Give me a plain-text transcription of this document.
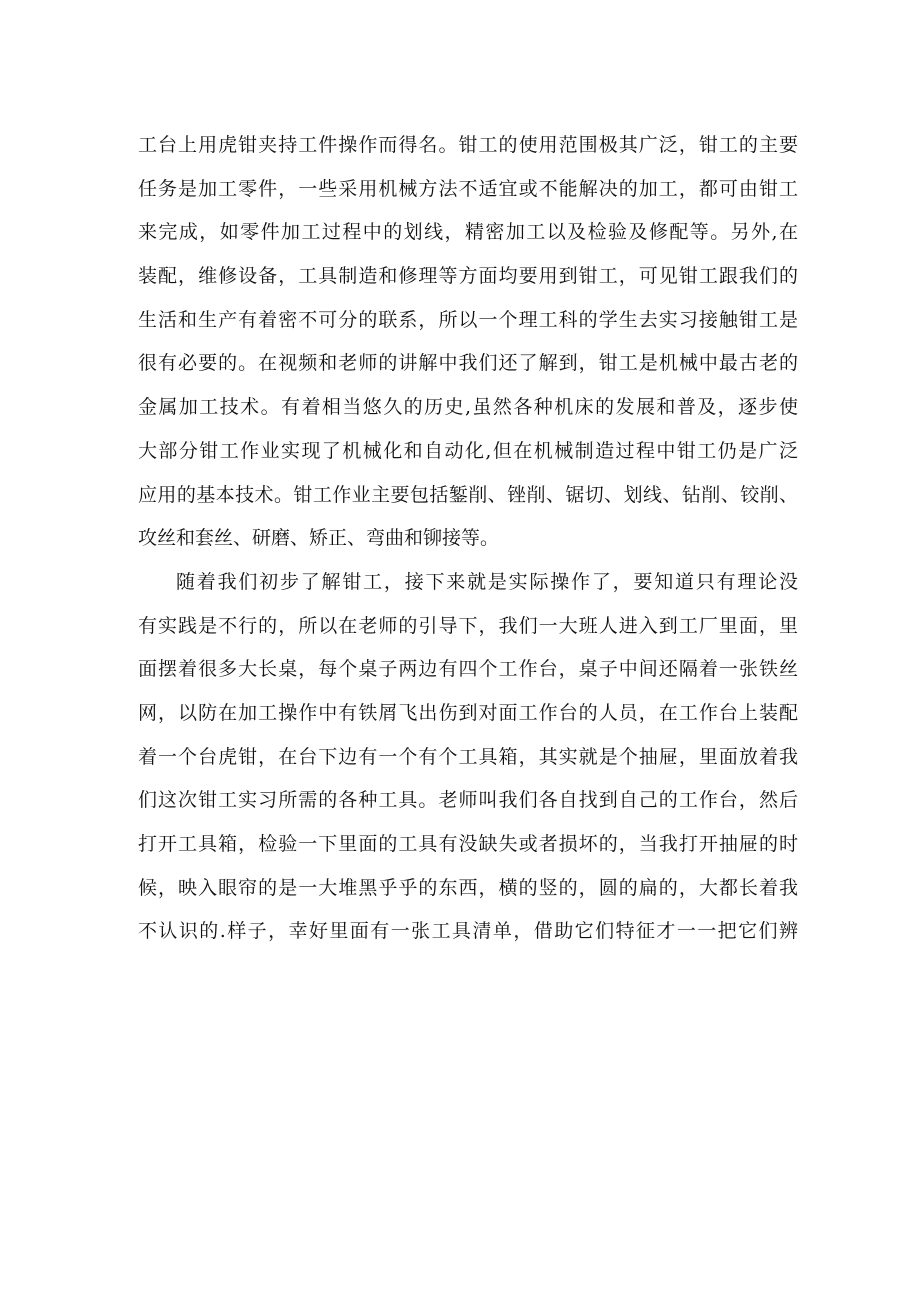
工台上用虎钳夹持工件操作而得名。钳工的使用范围极其广泛，钳工的主要
任务是加工零件，一些采用机械方法不适宜或不能解决的加工，都可由钳工
来完成，如零件加工过程中的划线，精密加工以及检验及修配等。另外,在
装配，维修设备，工具制造和修理等方面均要用到钳工，可见钳工跟我们的
生活和生产有着密不可分的联系，所以一个理工科的学生去实习接触钳工是
很有必要的。在视频和老师的讲解中我们还了解到，钳工是机械中最古老的
金属加工技术。有着相当悠久的历史,虽然各种机床的发展和普及，逐步使
大部分钳工作业实现了机械化和自动化,但在机械制造过程中钳工仍是广泛
应用的基本技术。钳工作业主要包括錾削、锉削、锯切、划线、钻削、铰削、
攻丝和套丝、研磨、矫正、弯曲和铆接等。
随着我们初步了解钳工，接下来就是实际操作了，要知道只有理论没
有实践是不行的，所以在老师的引导下，我们一大班人进入到工厂里面，里
面摆着很多大长桌，每个桌子两边有四个工作台，桌子中间还隔着一张铁丝
网，以防在加工操作中有铁屑飞出伤到对面工作台的人员，在工作台上装配
着一个台虎钳，在台下边有一个有个工具箱，其实就是个抽屉，里面放着我
们这次钳工实习所需的各种工具。老师叫我们各自找到自己的工作台，然后
打开工具箱，检验一下里面的工具有没缺失或者损坏的，当我打开抽屉的时
候，映入眼帘的是一大堆黑乎乎的东西，横的竖的，圆的扁的，大都长着我
不认识的.样子，幸好里面有一张工具清单，借助它们特征才一一把它们辨
